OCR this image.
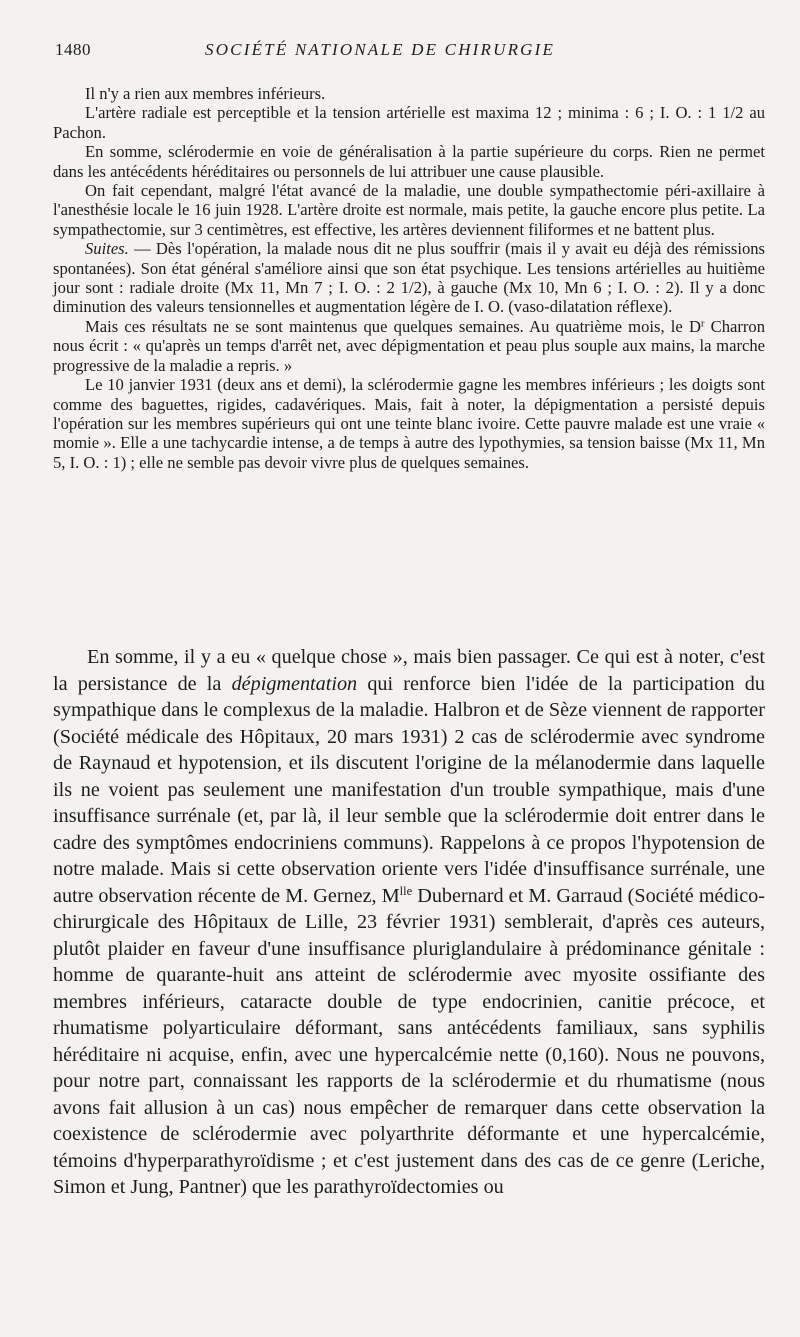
1480	SOCIÉTÉ NATIONALE DE CHIRURGIE

Il n'y a rien aux membres inférieurs.

L'artère radiale est perceptible et la tension artérielle est maxima 12 ; minima : 6 ; I. O. : 1 1/2 au Pachon.

En somme, sclérodermie en voie de généralisation à la partie supérieure du corps. Rien ne permet dans les antécédents héréditaires ou personnels de lui attribuer une cause plausible.

On fait cependant, malgré l'état avancé de la maladie, une double sympathectomie péri-axillaire à l'anesthésie locale le 16 juin 1928. L'artère droite est normale, mais petite, la gauche encore plus petite. La sympathectomie, sur 3 centimètres, est effective, les artères deviennent filiformes et ne battent plus.

Suites. — Dès l'opération, la malade nous dit ne plus souffrir (mais il y avait eu déjà des rémissions spontanées). Son état général s'améliore ainsi que son état psychique. Les tensions artérielles au huitième jour sont : radiale droite (Mx 11, Mn 7 ; I. O. : 2 1/2), à gauche (Mx 10, Mn 6 ; I. O. : 2). Il y a donc diminution des valeurs tensionnelles et augmentation légère de I. O. (vaso-dilatation réflexe).

Mais ces résultats ne se sont maintenus que quelques semaines. Au quatrième mois, le $D^r$ Charron nous écrit : « qu'après un temps d'arrêt net, avec dépigmentation et peau plus souple aux mains, la marche progressive de la maladie a repris. »

Le 10 janvier 1931 (deux ans et demi), la sclérodermie gagne les membres inférieurs ; les doigts sont comme des baguettes, rigides, cadavériques. Mais, fait à noter, la dépigmentation a persisté depuis l'opération sur les membres supérieurs qui ont une teinte blanc ivoire. Cette pauvre malade est une vraie « momie ». Elle a une tachycardie intense, a de temps à autre des lypothymies, sa tension baisse (Mx 11, Mn 5, I. O. : 1) ; elle ne semble pas devoir vivre plus de quelques semaines.

En somme, il y a eu « quelque chose », mais bien passager. Ce qui est à noter, c'est la persistance de la dépigmentation qui renforce bien l'idée de la participation du sympathique dans le complexus de la maladie. Halbron et de Sèze viennent de rapporter (Société médicale des Hôpitaux, 20 mars 1931) 2 cas de sclérodermie avec syndrome de Raynaud et hypotension, et ils discutent l'origine de la mélanodermie dans laquelle ils ne voient pas seulement une manifestation d'un trouble sympathique, mais d'une insuffisance surrénale (et, par là, il leur semble que la sclérodermie doit entrer dans le cadre des symptômes endocriniens communs). Rappelons à ce propos l'hypotension de notre malade. Mais si cette observation oriente vers l'idée d'insuffisance surrénale, une autre observation récente de M. Gernez, $M^{lle}$ Dubernard et M. Garraud (Société médico-chirurgicale des Hôpitaux de Lille, 23 février 1931) semblerait, d'après ces auteurs, plutôt plaider en faveur d'une insuffisance pluriglandulaire à prédominance génitale : homme de quarante-huit ans atteint de sclérodermie avec myosite ossifiante des membres inférieurs, cataracte double de type endocrinien, canitie précoce, et rhumatisme polyarticulaire déformant, sans antécédents familiaux, sans syphilis héréditaire ni acquise, enfin, avec une hypercalcémie nette (0,160). Nous ne pouvons, pour notre part, connaissant les rapports de la sclérodermie et du rhumatisme (nous avons fait allusion à un cas) nous empêcher de remarquer dans cette observation la coexistence de sclérodermie avec polyarthrite déformante et une hypercalcémie, témoins d'hyperparathyroïdisme ; et c'est justement dans des cas de ce genre (Leriche, Simon et Jung, Pantner) que les parathyroïdectomies ou
